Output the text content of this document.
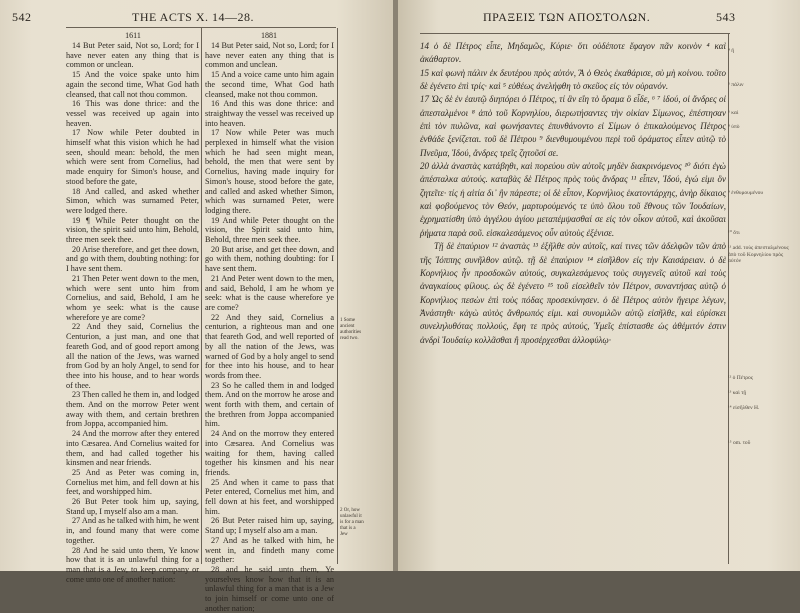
542	THE ACTS X. 14—28.
1611	1881

14 But Peter said, Not so, Lord; for I have never eaten any thing that is common or unclean.

15 And the voice spake unto him again the second time, What God hath cleansed, that call not thou common.

16 This was done thrice: and the vessel was received up again into heaven.

17 Now while Peter doubted in himself what this vision which he had seen, should mean: behold, the men which were sent from Cornelius, had made enquiry for Simon's house, and stood before the gate,

18 And called, and asked whether Simon, which was surnamed Peter, were lodged there.

19 ¶ While Peter thought on the vision, the spirit said unto him, Behold, three men seek thee.

20 Arise therefore, and get thee down, and go with them, doubting nothing: for I have sent them.

21 Then Peter went down to the men, which were sent unto him from Cornelius, and said, Behold, I am he whom ye seek: what is the cause wherefore ye are come?

22 And they said, Cornelius the Centurion, a just man, and one that feareth God, and of good report among all the nation of the Jews, was warned from God by an holy Angel, to send for thee into his house, and to hear words of thee.

23 Then called he them in, and lodged them. And on the morrow Peter went away with them, and certain brethren from Joppa, accompanied him.

24 And the morrow after they entered into Cæsarea. And Cornelius waited for them, and had called together his kinsmen and near friends.

25 And as Peter was coming in, Cornelius met him, and fell down at his feet, and worshipped him.

26 But Peter took him up, saying, Stand up, I myself also am a man.

27 And as he talked with him, he went in, and found many that were come together.

28 And he said unto them, Ye know how that it is an unlawful thing for a man that is a Jew, to keep company or come unto one of another nation:

14 But Peter said, Not so, Lord; for I have never eaten any thing that is common and unclean.

15 And a voice came unto him again the second time, What God hath cleansed, make not thou common.

16 And this was done thrice: and straightway the vessel was received up into heaven.

17 Now while Peter was much perplexed in himself what the vision which he had seen might mean, behold, the men that were sent by Cornelius, having made inquiry for Simon's house, stood before the gate, and called and asked whether Simon, which was surnamed Peter, were lodging there.

19 And while Peter thought on the vision, the Spirit said unto him, Behold, three men seek thee.

20 But arise, and get thee down, and go with them, nothing doubting: for I have sent them.

21 And Peter went down to the men, and said, Behold, I am he whom ye seek: what is the cause wherefore ye are come?

22 And they said, Cornelius a centurion, a righteous man and one that feareth God, and well reported of by all the nation of the Jews, was warned of God by a holy angel to send for thee into his house, and to hear words from thee.

23 So he called them in and lodged them. And on the morrow he arose and went forth with them, and certain of the brethren from Joppa accompanied him.

24 And on the morrow they entered into Cæsarea. And Cornelius was waiting for them, having called together his kinsmen and his near friends.

25 And when it came to pass that Peter entered, Cornelius met him, and fell down at his feet, and worshipped him.

26 But Peter raised him up, saying, Stand up; I myself also am a man.

27 And as he talked with him, he went in, and findeth many come together:

28 and he said unto them, Ye yourselves know how that it is an unlawful thing for a man that is a Jew to join himself or come unto one of another nation;

1 Some ancient authorities read two.
2 Or, how unlawful it is for a man that is a Jew
ΠΡΑΞΕΙΣ ΤΩΝ ΑΠΟΣΤΟΛΩΝ.	543

14 ὁ δὲ Πέτρος εἶπε, Μηδαμῶς, Κύριε· ὅτι οὐδέποτε ἔφαγον πᾶν κοινὸν ⁴ καὶ ἀκάθαρτον.

15 καὶ φωνὴ πάλιν ἐκ δευτέρου πρὸς αὐτόν, Ἃ ὁ Θεὸς ἐκαθάρισε, σὺ μὴ κοίνου. τοῦτο δὲ ἐγένετο ἐπὶ τρίς· καὶ ⁵ εὐθέως ἀνελήφθη τὸ σκεῦος εἰς τὸν οὐρανόν.

17 Ὡς δὲ ἐν ἑαυτῷ διηπόρει ὁ Πέτρος, τί ἂν εἴη τὸ ὅραμα ὃ εἶδε, ⁶ ⁷ ἰδού, οἱ ἄνδρες οἱ ἀπεσταλμένοι ⁸ ἀπὸ τοῦ Κορνηλίου, διερωτήσαντες τὴν οἰκίαν Σίμωνος, ἐπέστησαν ἐπὶ τὸν πυλῶνα, καὶ φωνήσαντες ἐπυνθάνοντο εἰ Σίμων ὁ ἐπικαλούμενος Πέτρος ἐνθάδε ξενίζεται. τοῦ δὲ Πέτρου ⁹ διενθυμουμένου περὶ τοῦ ὁράματος εἶπεν αὐτῷ τὸ Πνεῦμα, Ἰδού, ἄνδρες τρεῖς ζητοῦσί σε.

20 ἀλλὰ ἀναστὰς κατάβηθι, καὶ πορεύου σὺν αὐτοῖς μηδὲν διακρινόμενος ¹⁰ διότι ἐγὼ ἀπέσταλκα αὐτούς. καταβὰς δὲ Πέτρος πρὸς τοὺς ἄνδρας ¹¹ εἶπεν, Ἰδού, ἐγώ εἰμι ὃν ζητεῖτε· τίς ἡ αἰτία δι᾽ ἣν πάρεστε; οἱ δὲ εἶπον, Κορνήλιος ἑκατοντάρχης, ἀνὴρ δίκαιος καὶ φοβούμενος τὸν Θεόν, μαρτυρούμενός τε ὑπὸ ὅλου τοῦ ἔθνους τῶν Ἰουδαίων, ἐχρηματίσθη ὑπὸ ἀγγέλου ἁγίου μεταπέμψασθαί σε εἰς τὸν οἶκον αὐτοῦ, καὶ ἀκοῦσαι ῥήματα παρὰ σοῦ. εἰσκαλεσάμενος οὖν αὐτοὺς ἐξένισε.

Τῇ δὲ ἐπαύριον ¹² ἀναστὰς ¹³ ἐξῆλθε σὺν αὐτοῖς, καί τινες τῶν ἀδελφῶν τῶν ἀπὸ τῆς Ἰόππης συνῆλθον αὐτῷ. τῇ δὲ ἐπαύριον ¹⁴ εἰσῆλθον εἰς τὴν Καισάρειαν. ὁ δὲ Κορνήλιος ἦν προσδοκῶν αὐτούς, συγκαλεσάμενος τοὺς συγγενεῖς αὐτοῦ καὶ τοὺς ἀναγκαίους φίλους. ὡς δὲ ἐγένετο ¹⁵ τοῦ εἰσελθεῖν τὸν Πέτρον, συναντήσας αὐτῷ ὁ Κορνήλιος πεσὼν ἐπὶ τοὺς πόδας προσεκύνησεν. ὁ δὲ Πέτρος αὐτὸν ἤγειρε λέγων, Ἀνάστηθι· κἀγὼ αὐτὸς ἄνθρωπός εἰμι. καὶ συνομιλῶν αὐτῷ εἰσῆλθε, καὶ εὑρίσκει συνεληλυθότας πολλούς, ἔφη τε πρὸς αὐτούς, Ὑμεῖς ἐπίστασθε ὡς ἀθέμιτόν ἐστιν ἀνδρὶ Ἰουδαίῳ κολλᾶσθαι ἢ προσέρχεσθαι ἀλλοφύλῳ·

⁴ ἢ
⁵ πάλιν
⁶ καὶ
⁸ ὑπὸ
⁹ ἐνθυμουμένου
¹⁰ ὅτι
¹¹ add. τοὺς ἀπεσταλμένους ἀπὸ τοῦ Κορνηλίου πρὸς αὐτόν
¹² ὁ Πέτρος
¹³ καὶ τῇ
¹⁴ εἰσῆλθεν Η.
¹⁵ om. τοῦ
